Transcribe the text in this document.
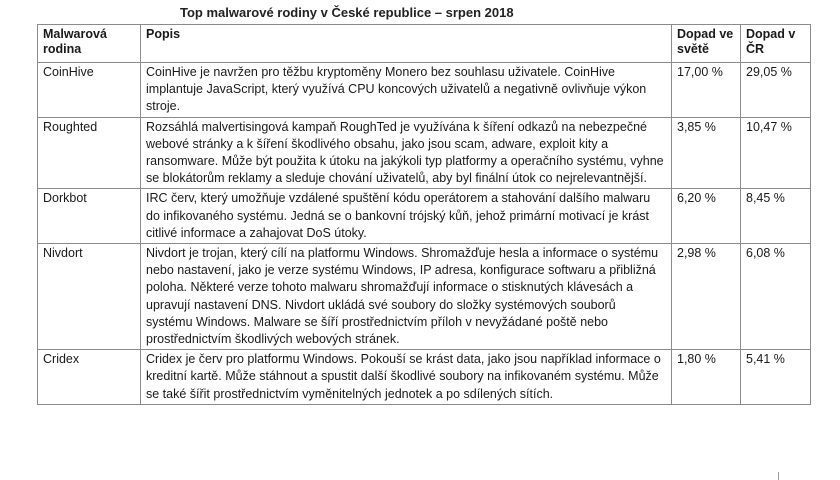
Top malwarové rodiny v České republice – srpen 2018
Malwarová rodina	Popis	Dopad ve světě	Dopad v ČR
CoinHive	CoinHive je navržen pro těžbu kryptoměny Monero bez souhlasu uživatele. CoinHive implantuje JavaScript, který využívá CPU koncových uživatelů a negativně ovlivňuje výkon stroje.	17,00 %	29,05 %
Roughted	Rozsáhlá malvertisingová kampaň RoughTed je využívána k šíření odkazů na nebezpečné webové stránky a k šíření škodlivého obsahu, jako jsou scam, adware, exploit kity a ransomware. Může být použita k útoku na jakýkoli typ platformy a operačního systému, vyhne se blokátorům reklamy a sleduje chování uživatelů, aby byl finální útok co nejrelevantnější.	3,85 %	10,47 %
Dorkbot	IRC červ, který umožňuje vzdálené spuštění kódu operátorem a stahování dalšího malwaru do infikovaného systému. Jedná se o bankovní trójský kůň, jehož primární motivací je krást citlivé informace a zahajovat DoS útoky.	6,20 %	8,45 %
Nivdort	Nivdort je trojan, který cílí na platformu Windows. Shromažďuje hesla a informace o systému nebo nastavení, jako je verze systému Windows, IP adresa, konfigurace softwaru a přibližná poloha. Některé verze tohoto malwaru shromažďují informace o stisknutých klávesách a upravují nastavení DNS. Nivdort ukládá své soubory do složky systémových souborů systému Windows. Malware se šíří prostřednictvím příloh v nevyžádané poště nebo prostřednictvím škodlivých webových stránek.	2,98 %	6,08 %
Cridex	Cridex je červ pro platformu Windows. Pokouší se krást data, jako jsou například informace o kreditní kartě. Může stáhnout a spustit další škodlivé soubory na infikovaném systému. Může se také šířit prostřednictvím vyměnitelných jednotek a po sdílených sítích.	1,80 %	5,41 %
